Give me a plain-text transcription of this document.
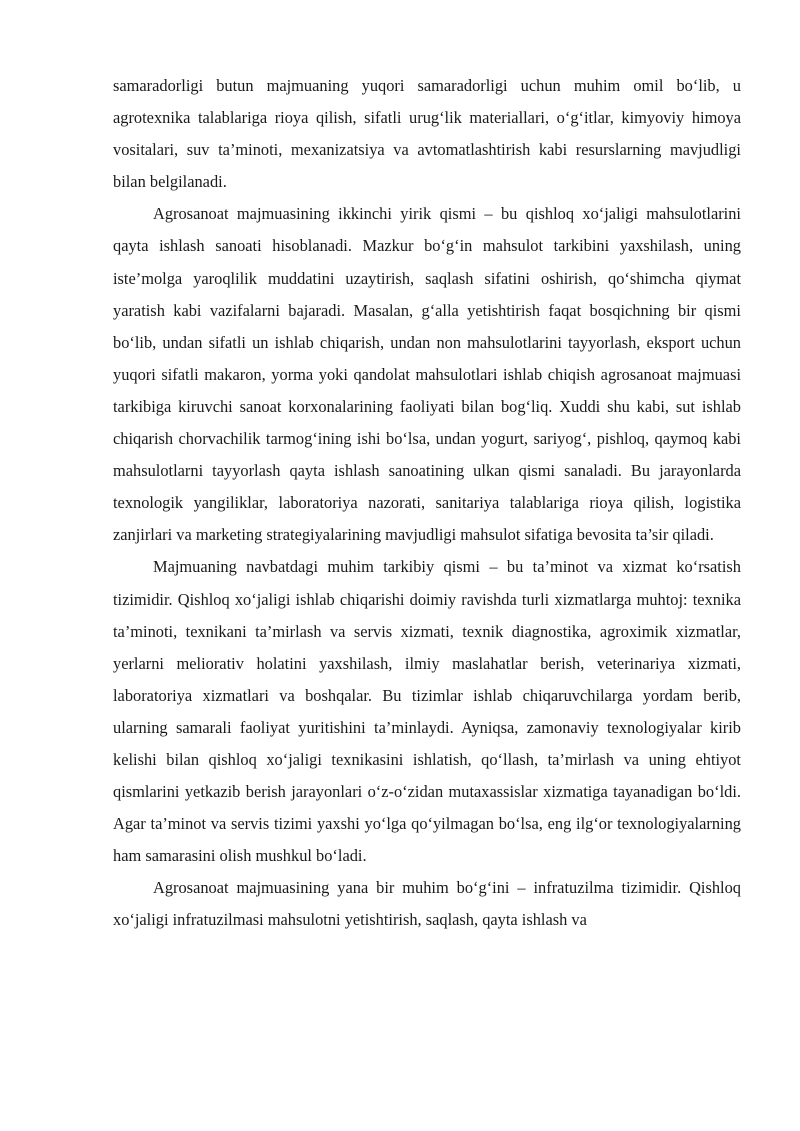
samaradorligi butun majmuaning yuqori samaradorligi uchun muhim omil bo‘lib, u agrotexnika talablariga rioya qilish, sifatli urug‘lik materiallari, o‘g‘itlar, kimyoviy himoya vositalari, suv ta’minoti, mexanizatsiya va avtomatlashtirish kabi resurslarning mavjudligi bilan belgilanadi.

Agrosanoat majmuasining ikkinchi yirik qismi – bu qishloq xo‘jaligi mahsulotlarini qayta ishlash sanoati hisoblanadi. Mazkur bo‘g‘in mahsulot tarkibini yaxshilash, uning iste’molga yaroqlilik muddatini uzaytirish, saqlash sifatini oshirish, qo‘shimcha qiymat yaratish kabi vazifalarni bajaradi. Masalan, g‘alla yetishtirish faqat bosqichning bir qismi bo‘lib, undan sifatli un ishlab chiqarish, undan non mahsulotlarini tayyorlash, eksport uchun yuqori sifatli makaron, yorma yoki qandolat mahsulotlari ishlab chiqish agrosanoat majmuasi tarkibiga kiruvchi sanoat korxonalarining faoliyati bilan bog‘liq. Xuddi shu kabi, sut ishlab chiqarish chorvachilik tarmog‘ining ishi bo‘lsa, undan yogurt, sariyog‘, pishloq, qaymoq kabi mahsulotlarni tayyorlash qayta ishlash sanoatining ulkan qismi sanaladi. Bu jarayonlarda texnologik yangiliklar, laboratoriya nazorati, sanitariya talablariga rioya qilish, logistika zanjirlari va marketing strategiyalarining mavjudligi mahsulot sifatiga bevosita ta’sir qiladi.

Majmuaning navbatdagi muhim tarkibiy qismi – bu ta’minot va xizmat ko‘rsatish tizimidir. Qishloq xo‘jaligi ishlab chiqarishi doimiy ravishda turli xizmatlarga muhtoj: texnika ta’minoti, texnikani ta’mirlash va servis xizmati, texnik diagnostika, agroximik xizmatlar, yerlarni meliorativ holatini yaxshilash, ilmiy maslahatlar berish, veterinariya xizmati, laboratoriya xizmatlari va boshqalar. Bu tizimlar ishlab chiqaruvchilarga yordam berib, ularning samarali faoliyat yuritishini ta’minlaydi. Ayniqsa, zamonaviy texnologiyalar kirib kelishi bilan qishloq xo‘jaligi texnikasini ishlatish, qo‘llash, ta’mirlash va uning ehtiyot qismlarini yetkazib berish jarayonlari o‘z-o‘zidan mutaxassislar xizmatiga tayanadigan bo‘ldi. Agar ta’minot va servis tizimi yaxshi yo‘lga qo‘yilmagan bo‘lsa, eng ilg‘or texnologiyalarning ham samarasini olish mushkul bo‘ladi.

Agrosanoat majmuasining yana bir muhim bo‘g‘ini – infratuzilma tizimidir. Qishloq xo‘jaligi infratuzilmasi mahsulotni yetishtirish, saqlash, qayta ishlash va
